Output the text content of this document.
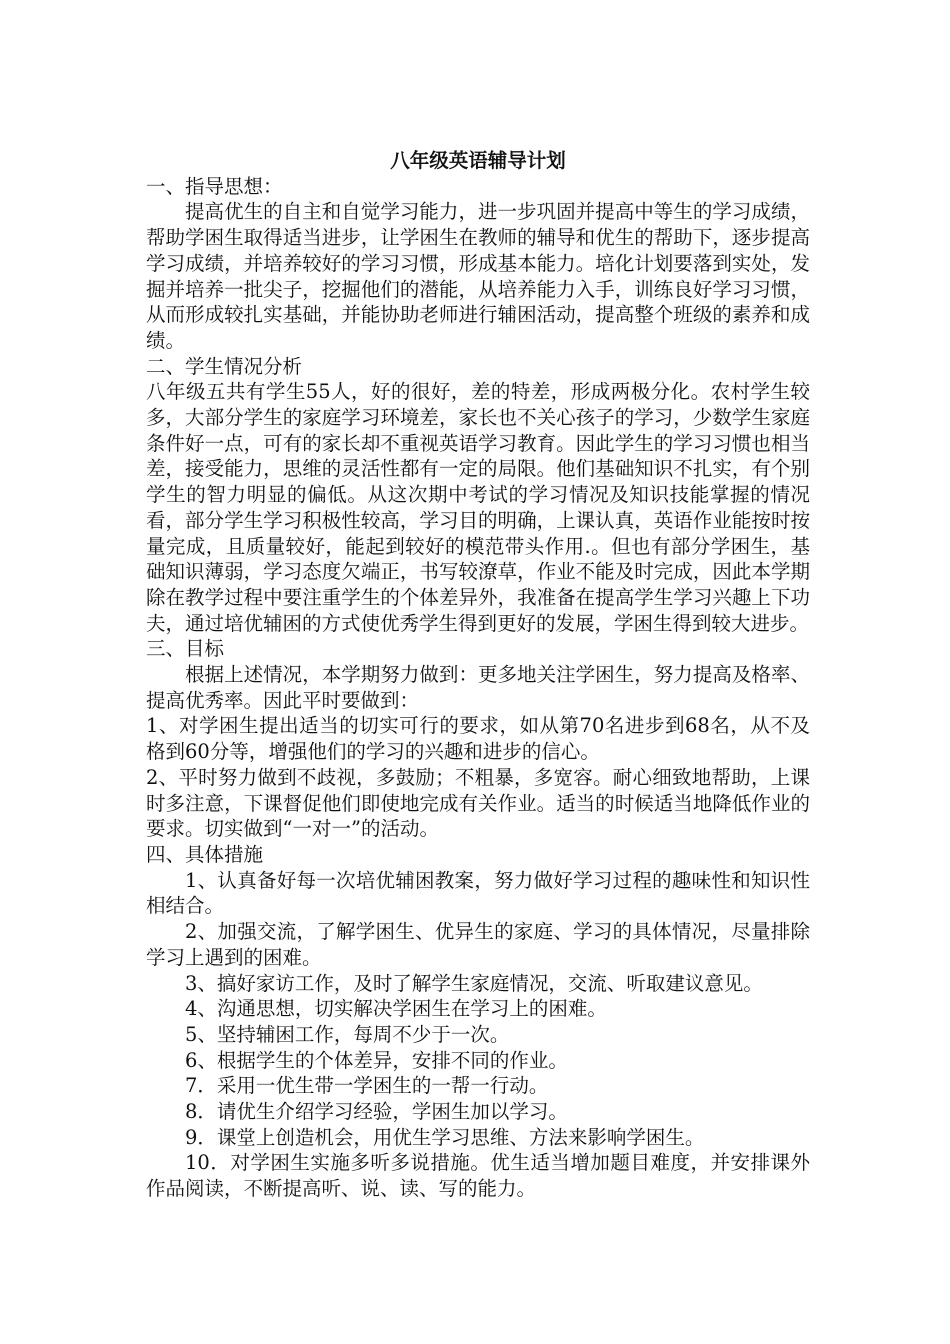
八年级英语辅导计划

一、指导思想：

提高优生的自主和自觉学习能力，进一步巩固并提高中等生的学习成绩，帮助学困生取得适当进步，让学困生在教师的辅导和优生的帮助下，逐步提高学习成绩，并培养较好的学习习惯，形成基本能力。培化计划要落到实处，发掘并培养一批尖子，挖掘他们的潜能，从培养能力入手，训练良好学习习惯，从而形成较扎实基础，并能协助老师进行辅困活动，提高整个班级的素养和成绩。

二、学生情况分析

八年级五共有学生55人，好的很好，差的特差，形成两极分化。农村学生较多，大部分学生的家庭学习环境差，家长也不关心孩子的学习，少数学生家庭条件好一点，可有的家长却不重视英语学习教育。因此学生的学习习惯也相当差，接受能力，思维的灵活性都有一定的局限。他们基础知识不扎实，有个别学生的智力明显的偏低。从这次期中考试的学习情况及知识技能掌握的情况看，部分学生学习积极性较高，学习目的明确，上课认真，英语作业能按时按量完成，且质量较好，能起到较好的模范带头作用.。但也有部分学困生，基础知识薄弱，学习态度欠端正，书写较潦草，作业不能及时完成，因此本学期除在教学过程中要注重学生的个体差异外，我准备在提高学生学习兴趣上下功夫，通过培优辅困的方式使优秀学生得到更好的发展，学困生得到较大进步。

三、目标

根据上述情况，本学期努力做到：更多地关注学困生，努力提高及格率、提高优秀率。因此平时要做到：

1、对学困生提出适当的切实可行的要求，如从第70名进步到68名，从不及格到60分等，增强他们的学习的兴趣和进步的信心。

2、平时努力做到不歧视，多鼓励；不粗暴，多宽容。耐心细致地帮助，上课时多注意，下课督促他们即使地完成有关作业。适当的时候适当地降低作业的要求。切实做到“一对一”的活动。

四、具体措施

1、认真备好每一次培优辅困教案，努力做好学习过程的趣味性和知识性相结合。

2、加强交流，了解学困生、优异生的家庭、学习的具体情况，尽量排除学习上遇到的困难。

3、搞好家访工作，及时了解学生家庭情况，交流、听取建议意见。

4、沟通思想，切实解决学困生在学习上的困难。

5、坚持辅困工作，每周不少于一次。

6、根据学生的个体差异，安排不同的作业。

7．采用一优生带一学困生的一帮一行动。

8．请优生介绍学习经验，学困生加以学习。

9．课堂上创造机会，用优生学习思维、方法来影响学困生。

10．对学困生实施多听多说措施。优生适当增加题目难度，并安排课外作品阅读，不断提高听、说、读、写的能力。
